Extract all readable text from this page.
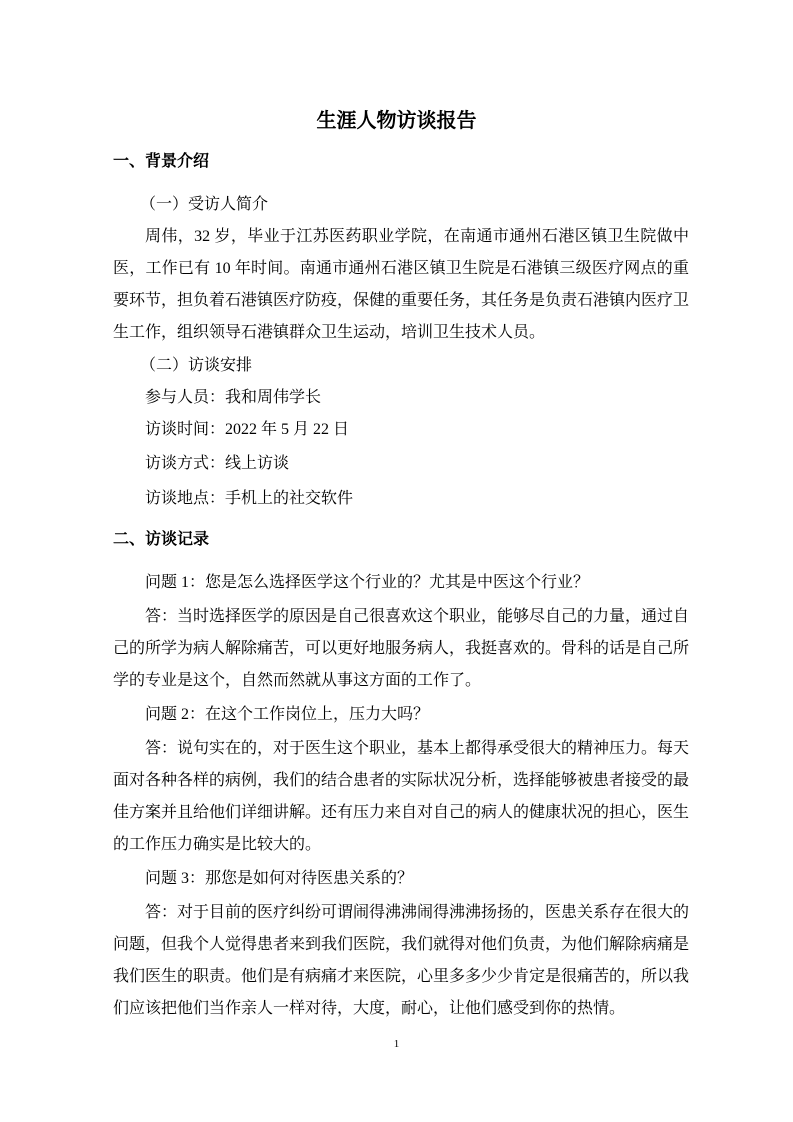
生涯人物访谈报告
一、背景介绍
（一）受访人简介
周伟，32 岁，毕业于江苏医药职业学院，在南通市通州石港区镇卫生院做中医，工作已有 10 年时间。南通市通州石港区镇卫生院是石港镇三级医疗网点的重要环节，担负着石港镇医疗防疫，保健的重要任务，其任务是负责石港镇内医疗卫生工作，组织领导石港镇群众卫生运动，培训卫生技术人员。
（二）访谈安排
参与人员：我和周伟学长
访谈时间：2022 年 5 月 22 日
访谈方式：线上访谈
访谈地点：手机上的社交软件
二、访谈记录
问题 1：您是怎么选择医学这个行业的？尤其是中医这个行业？
答：当时选择医学的原因是自己很喜欢这个职业，能够尽自己的力量，通过自己的所学为病人解除痛苦，可以更好地服务病人，我挺喜欢的。骨科的话是自己所学的专业是这个，自然而然就从事这方面的工作了。
问题 2：在这个工作岗位上，压力大吗？
答：说句实在的，对于医生这个职业，基本上都得承受很大的精神压力。每天面对各种各样的病例，我们的结合患者的实际状况分析，选择能够被患者接受的最佳方案并且给他们详细讲解。还有压力来自对自己的病人的健康状况的担心，医生的工作压力确实是比较大的。
问题 3：那您是如何对待医患关系的？
答：对于目前的医疗纠纷可谓闹得沸沸闹得沸沸扬扬的，医患关系存在很大的问题，但我个人觉得患者来到我们医院，我们就得对他们负责，为他们解除病痛是我们医生的职责。他们是有病痛才来医院，心里多多少少肯定是很痛苦的，所以我们应该把他们当作亲人一样对待，大度，耐心，让他们感受到你的热情。
1
